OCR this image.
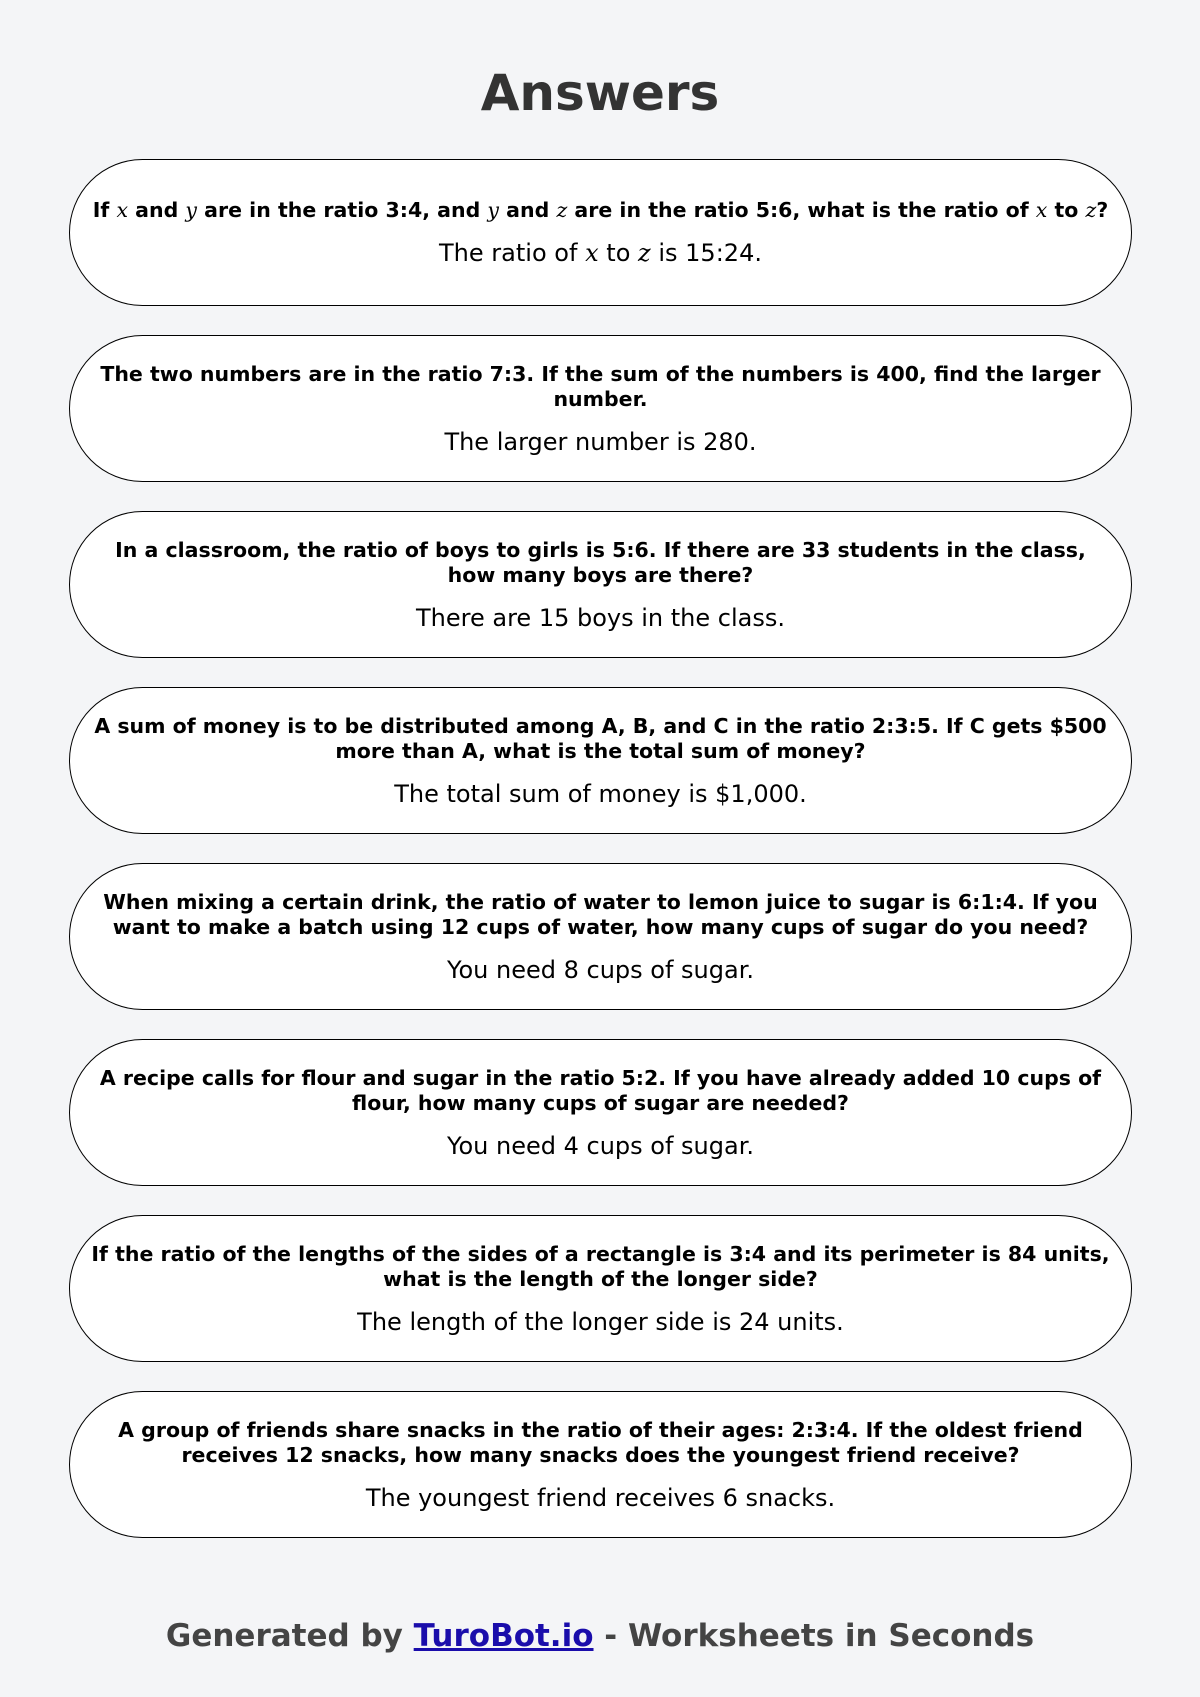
Answers
If 𝑥 and 𝑦 are in the ratio 3:4, and 𝑦 and 𝑧 are in the ratio 5:6, what is the ratio of 𝑥 to 𝑧?
The ratio of 𝑥 to 𝑧 is 15:24.
The two numbers are in the ratio 7:3. If the sum of the numbers is 400, find the larger number.
The larger number is 280.
In a classroom, the ratio of boys to girls is 5:6. If there are 33 students in the class, how many boys are there?
There are 15 boys in the class.
A sum of money is to be distributed among A, B, and C in the ratio 2:3:5. If C gets $500 more than A, what is the total sum of money?
The total sum of money is $1,000.
When mixing a certain drink, the ratio of water to lemon juice to sugar is 6:1:4. If you want to make a batch using 12 cups of water, how many cups of sugar do you need?
You need 8 cups of sugar.
A recipe calls for flour and sugar in the ratio 5:2. If you have already added 10 cups of flour, how many cups of sugar are needed?
You need 4 cups of sugar.
If the ratio of the lengths of the sides of a rectangle is 3:4 and its perimeter is 84 units, what is the length of the longer side?
The length of the longer side is 24 units.
A group of friends share snacks in the ratio of their ages: 2:3:4. If the oldest friend receives 12 snacks, how many snacks does the youngest friend receive?
The youngest friend receives 6 snacks.
Generated by TuroBot.io - Worksheets in Seconds
